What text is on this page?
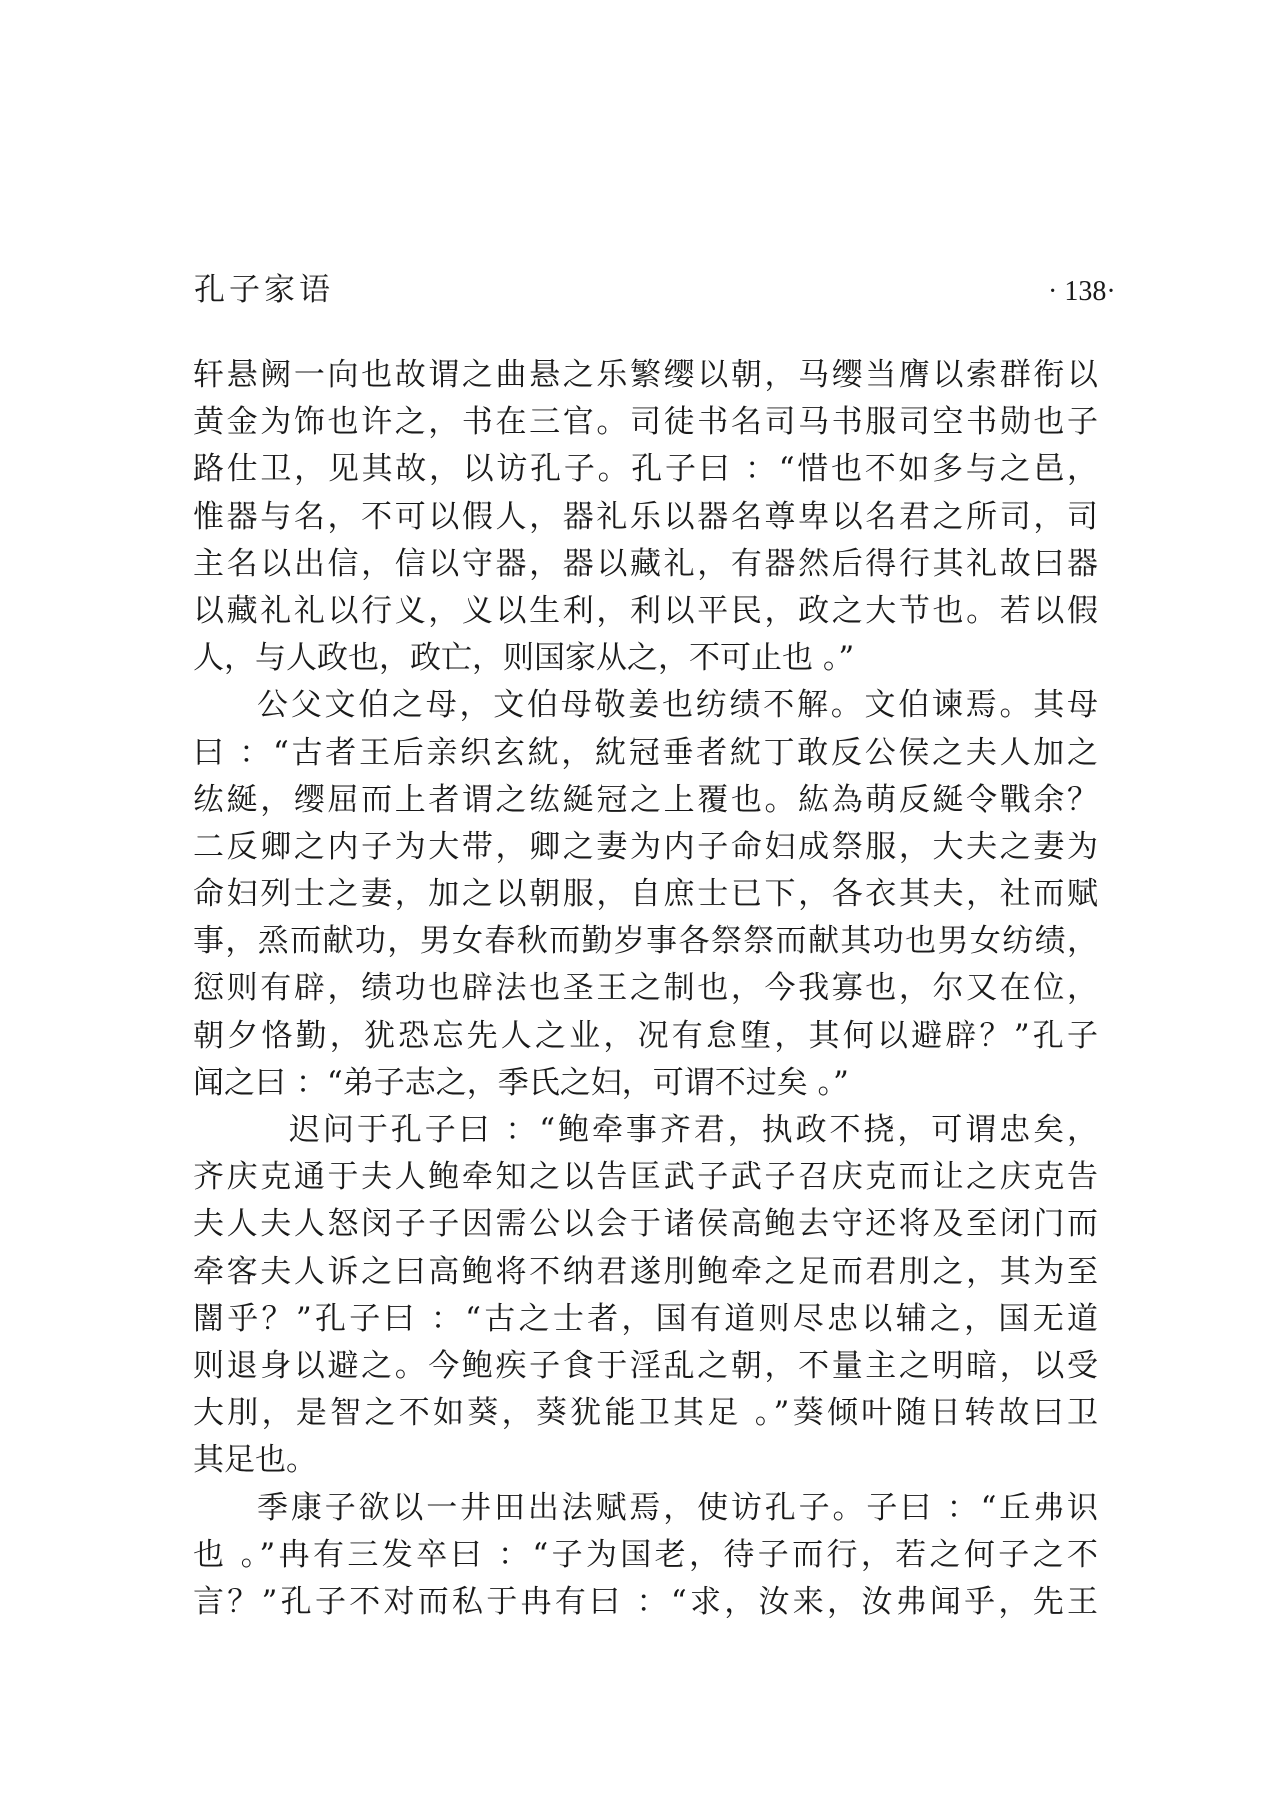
孔子家语	· 138·
轩悬阙一向也故谓之曲悬之乐繁缨以朝，马缨当膺以索群衔以
黄金为饰也许之，书在三官。司徒书名司马书服司空书勋也子
路仕卫，见其故，以访孔子。孔子曰 ：“惜也不如多与之邑，
惟器与名，不可以假人，器礼乐以器名尊卑以名君之所司，司
主名以出信，信以守器，器以藏礼，有器然后得行其礼故曰器
以藏礼礼以行义，义以生利，利以平民，政之大节也。若以假
人，与人政也，政亡，则国家从之，不可止也 。”
公父文伯之母，文伯母敬姜也纺绩不解。文伯谏焉。其母
曰 ：“古者王后亲织玄紞，紞冠垂者紞丁敢反公侯之夫人加之
纮綖，缨屈而上者谓之纮綖冠之上覆也。紘為萌反綖令戰余？
二反卿之内子为大带，卿之妻为内子命妇成祭服，大夫之妻为
命妇列士之妻，加之以朝服，自庶士已下，各衣其夫，社而赋
事，烝而献功，男女春秋而勤岁事各祭祭而献其功也男女纺绩，
愆则有辟，绩功也辟法也圣王之制也，今我寡也，尔又在位，
朝夕恪勤，犹恐忘先人之业，况有怠堕，其何以避辟？”孔子
闻之曰 ：“弟子志之，季氏之妇，可谓不过矣 。”
迟问于孔子曰 ：“鲍牵事齐君，执政不挠，可谓忠矣，
齐庆克通于夫人鲍牵知之以告匡武子武子召庆克而让之庆克告
夫人夫人怒闵子子因需公以会于诸侯高鲍去守还将及至闭门而
牵客夫人诉之曰高鲍将不纳君遂刖鲍牵之足而君刖之，其为至
闇乎？”孔子曰 ：“古之士者，国有道则尽忠以辅之，国无道
则退身以避之。今鲍疾子食于淫乱之朝，不量主之明暗，以受
大刖，是智之不如葵，葵犹能卫其足 。”葵倾叶随日转故曰卫
其足也。
季康子欲以一井田出法赋焉，使访孔子。子曰 ：“丘弗识
也 。”冉有三发卒曰 ：“子为国老，待子而行，若之何子之不
言？”孔子不对而私于冉有曰 ：“求，汝来，汝弗闻乎，先王
